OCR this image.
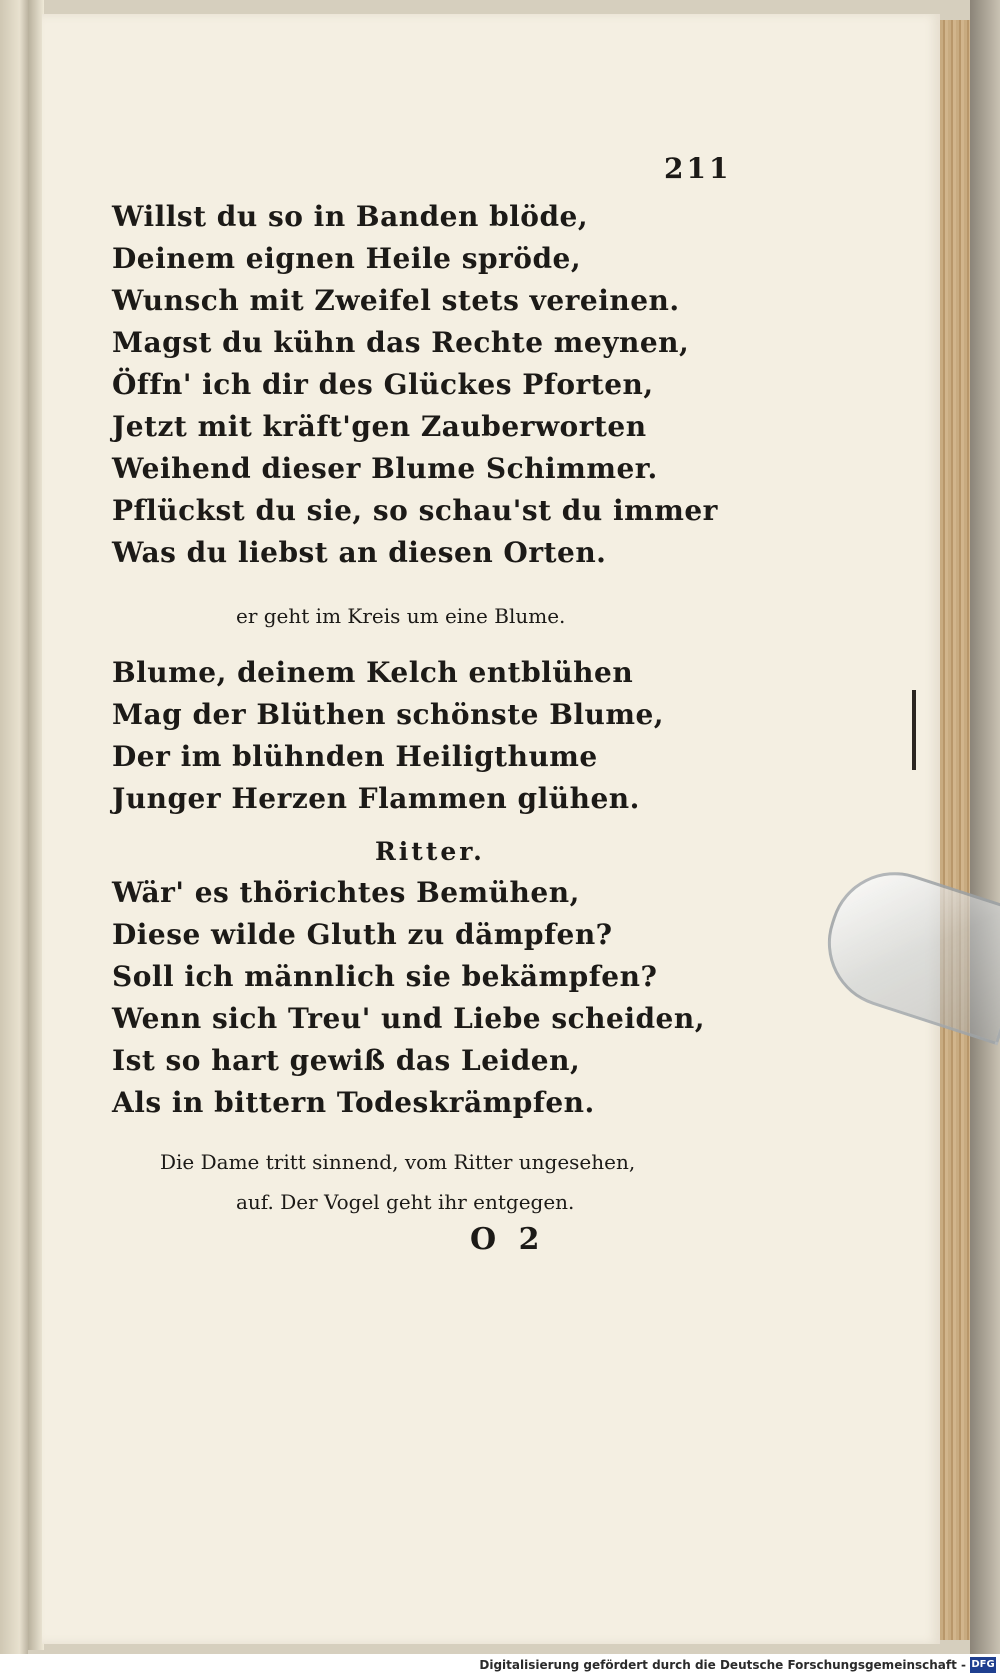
211
Willst du so in Banden blöde,
Deinem eignen Heile spröde,
Wunsch mit Zweifel stets vereinen.
Magst du kühn das Rechte meynen,
Öffn' ich dir des Glückes Pforten,
Jetzt mit kräft'gen Zauberworten
Weihend dieser Blume Schimmer.
Pflückst du sie, so schau'st du immer
Was du liebst an diesen Orten.
er geht im Kreis um eine Blume.
Blume, deinem Kelch entblühen
Mag der Blüthen schönste Blume,
Der im blühnden Heiligthume
Junger Herzen Flammen glühen.
Ritter.
Wär' es thörichtes Bemühen,
Diese wilde Gluth zu dämpfen?
Soll ich männlich sie bekämpfen?
Wenn sich Treu' und Liebe scheiden,
Ist so hart gewiß das Leiden,
Als in bittern Todeskrämpfen.
Die Dame tritt sinnend, vom Ritter ungesehen,
auf. Der Vogel geht ihr entgegen.
O 2
Digitalisierung gefördert durch die Deutsche Forschungsgemeinschaft - DFG
